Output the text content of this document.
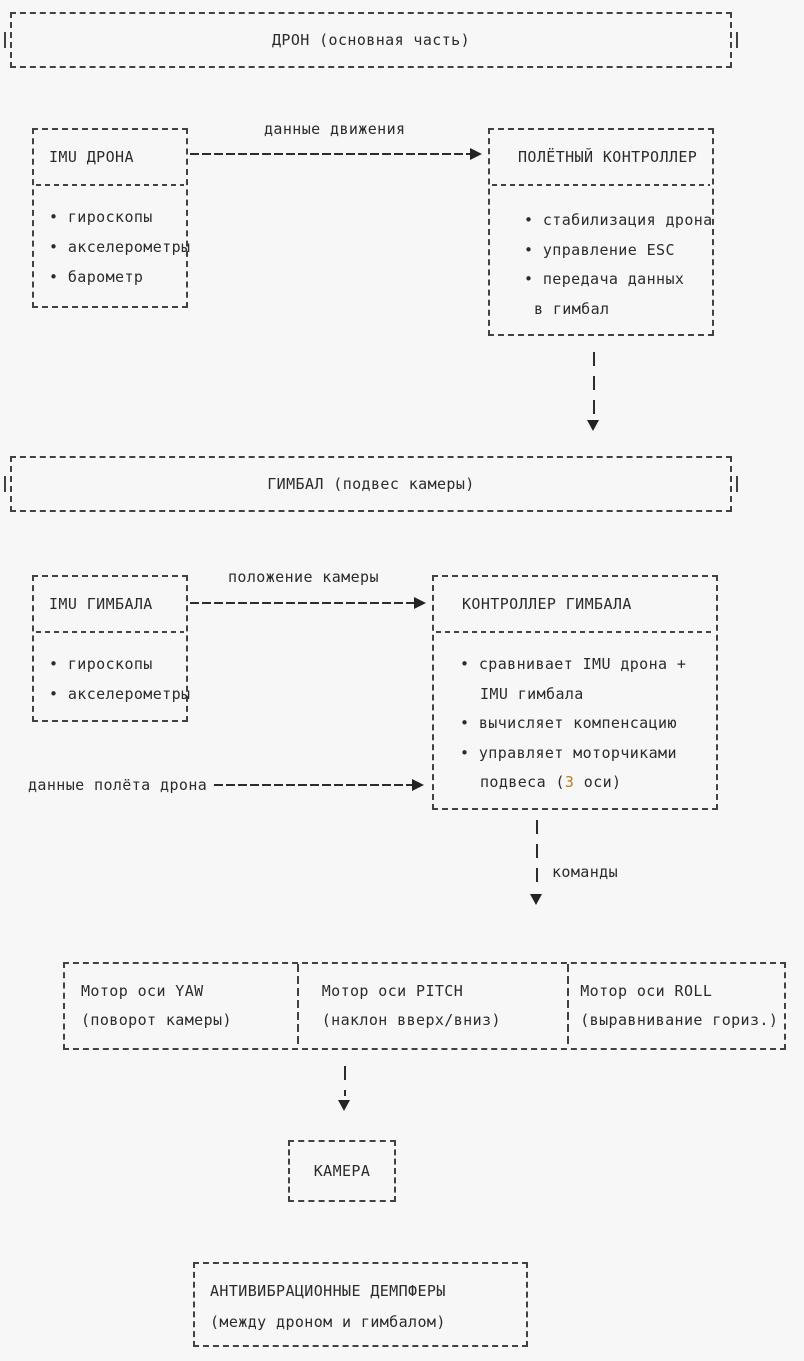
ДРОН (основная часть)
IMU ДРОНА
• гироскопы
• акселерометры
• барометр
данные движения
ПОЛЁТНЫЙ КОНТРОЛЛЕР
• стабилизация дрона
• управление ESC
• передача данных
в гимбал
ГИМБАЛ (подвес камеры)
IMU ГИМБАЛА
• гироскопы
• акселерометры
положение камеры
КОНТРОЛЛЕР ГИМБАЛА
• сравнивает IMU дрона +
IMU гимбала
• вычисляет компенсацию
• управляет моторчиками
подвеса (3 оси)
данные полёта дрона
команды
Мотор оси YAW
(поворот камеры)
Мотор оси PITCH
(наклон вверх/вниз)
Мотор оси ROLL
(выравнивание гориз.)
КАМЕРА
АНТИВИБРАЦИОННЫЕ ДЕМПФЕРЫ
(между дроном и гимбалом)
